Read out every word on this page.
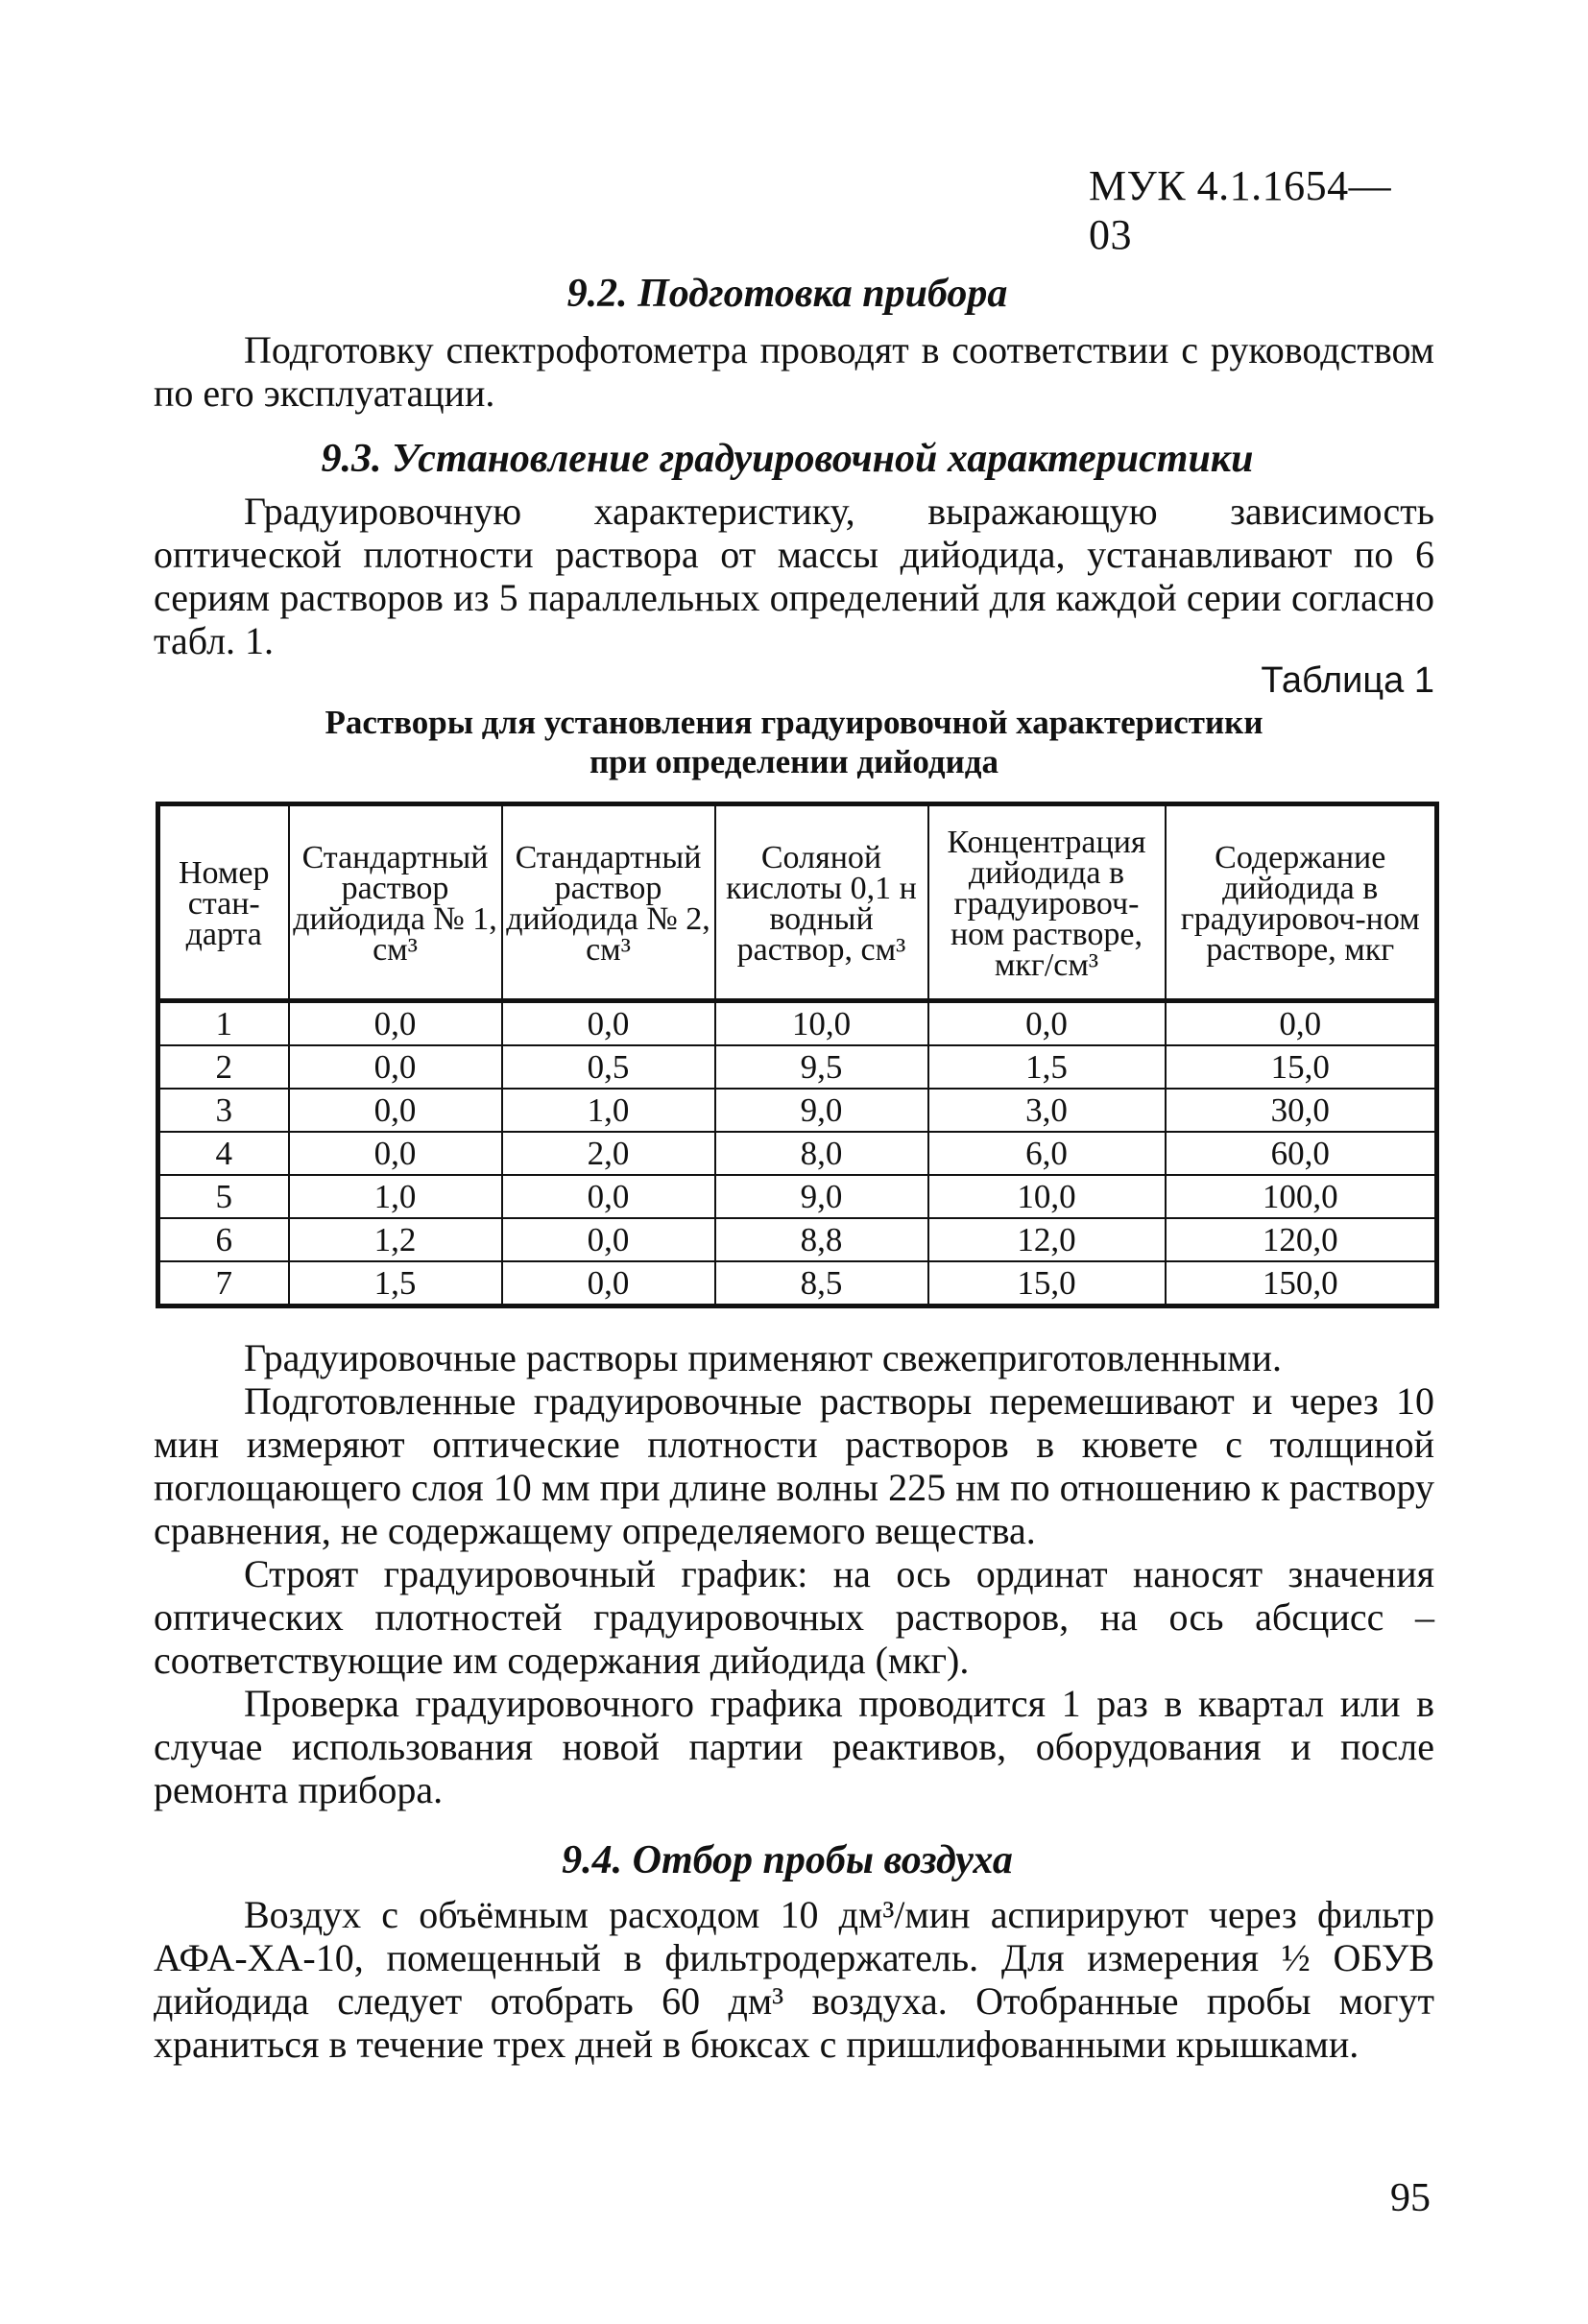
МУК 4.1.1654—03
9.2. Подготовка прибора

Подготовку спектрофотометра проводят в соответствии с руководством по его эксплуатации.

9.3. Установление градуировочной характеристики

Градуировочную характеристику, выражающую зависимость оптической плотности раствора от массы дийодида, устанавливают по 6 сериям растворов из 5 параллельных определений для каждой серии согласно табл. 1.

Таблица 1
Растворы для установления градуировочной характеристики
при определении дийодида
Номер стан-дарта	Стандартный раствор дийодида № 1, см³	Стандартный раствор дийодида № 2, см³	Соляной кислоты 0,1 н водный раствор, см³	Концентрация дийодида в градуировоч-ном растворе, мкг/см³	Содержание дийодида в градуировоч-ном растворе, мкг
1	0,0	0,0	10,0	0,0	0,0
2	0,0	0,5	9,5	1,5	15,0
3	0,0	1,0	9,0	3,0	30,0
4	0,0	2,0	8,0	6,0	60,0
5	1,0	0,0	9,0	10,0	100,0
6	1,2	0,0	8,8	12,0	120,0
7	1,5	0,0	8,5	15,0	150,0

Градуировочные растворы применяют свежеприготовленными.

Подготовленные градуировочные растворы перемешивают и через 10 мин измеряют оптические плотности растворов в кювете с толщиной поглощающего слоя 10 мм при длине волны 225 нм по отношению к раствору сравнения, не содержащему определяемого вещества.

Строят градуировочный график: на ось ординат наносят значения оптических плотностей градуировочных растворов, на ось абсцисс – соответствующие им содержания дийодида (мкг).

Проверка градуировочного графика проводится 1 раз в квартал или в случае использования новой партии реактивов, оборудования и после ремонта прибора.

9.4. Отбор пробы воздуха

Воздух с объёмным расходом 10 дм³/мин аспирируют через фильтр АФА-ХА-10, помещенный в фильтродержатель. Для измерения ½ ОБУВ дийодида следует отобрать 60 дм³ воздуха. Отобранные пробы могут храниться в течение трех дней в бюксах с пришлифованными крышками.

95
